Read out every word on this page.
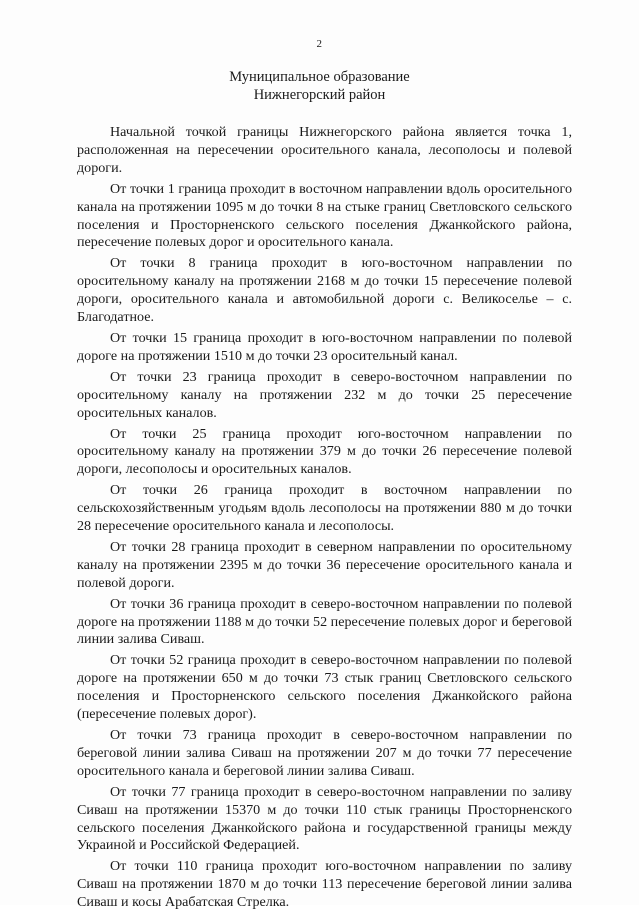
2
Муниципальное образование
Нижнегорский район

Начальной точкой границы Нижнегорского района является точка 1, расположенная на пересечении оросительного канала, лесополосы и полевой дороги.

От точки 1 граница проходит в восточном направлении вдоль оросительного канала на протяжении 1095 м до точки 8 на стыке границ Светловского сельского поселения и Просторненского сельского поселения Джанкойского района, пересечение полевых дорог и оросительного канала.

От точки 8 граница проходит в юго-восточном направлении по оросительному каналу на протяжении 2168 м до точки 15 пересечение полевой дороги, оросительного канала и автомобильной дороги с. Великоселье – с. Благодатное.

От точки 15 граница проходит в юго-восточном направлении по полевой дороге на протяжении 1510 м до точки 23 оросительный канал.

От точки 23 граница проходит в северо-восточном направлении по оросительному каналу на протяжении 232 м до точки 25 пересечение оросительных каналов.

От точки 25 граница проходит юго-восточном направлении по оросительному каналу на протяжении 379 м до точки 26 пересечение полевой дороги, лесополосы и оросительных каналов.

От точки 26 граница проходит в восточном направлении по сельскохозяйственным угодьям вдоль лесополосы на протяжении 880 м до точки 28 пересечение оросительного канала и лесополосы.

От точки 28 граница проходит в северном направлении по оросительному каналу на протяжении 2395 м до точки 36 пересечение оросительного канала и полевой дороги.

От точки 36 граница проходит в северо-восточном направлении по полевой дороге на протяжении 1188 м до точки 52 пересечение полевых дорог и береговой линии залива Сиваш.

От точки 52 граница проходит в северо-восточном направлении по полевой дороге на протяжении 650 м до точки 73 стык границ Светловского сельского поселения и Просторненского сельского поселения Джанкойского района (пересечение полевых дорог).

От точки 73 граница проходит в северо-восточном направлении по береговой линии залива Сиваш на протяжении 207 м до точки 77 пересечение оросительного канала и береговой линии залива Сиваш.

От точки 77 граница проходит в северо-восточном направлении по заливу Сиваш на протяжении 15370 м до точки 110 стык границы Просторненского сельского поселения Джанкойского района и государственной границы между Украиной и Российской Федерацией.

От точки 110 граница проходит юго-восточном направлении по заливу Сиваш на протяжении 1870 м до точки 113 пересечение береговой линии залива Сиваш и косы Арабатская Стрелка.
